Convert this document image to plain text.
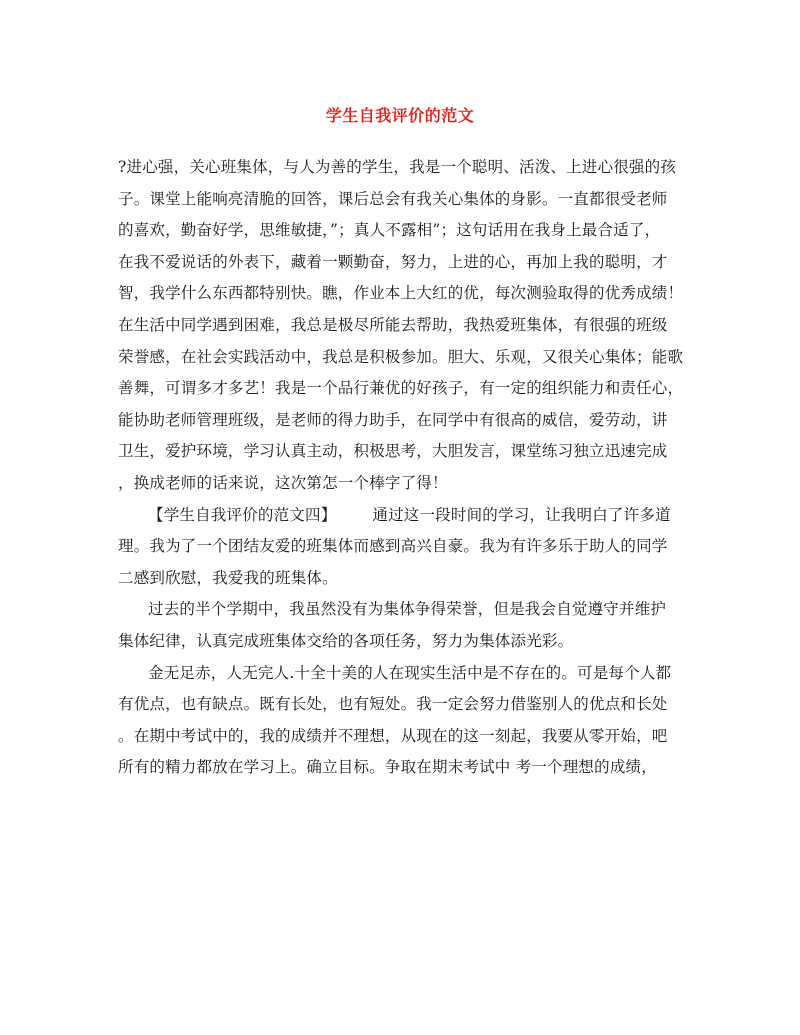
学生自我评价的范文
?进心强，关心班集体，与人为善的学生，我是一个聪明、活泼、上进心很强的孩
子。课堂上能响亮清脆的回答，课后总会有我关心集体的身影。一直都很受老师
的喜欢，勤奋好学，思维敏捷，”；真人不露相”；这句话用在我身上最合适了，
在我不爱说话的外表下，藏着一颗勤奋，努力，上进的心，再加上我的聪明，才
智，我学什么东西都特别快。瞧，作业本上大红的优，每次测验取得的优秀成绩！
在生活中同学遇到困难，我总是极尽所能去帮助，我热爱班集体，有很强的班级
荣誉感，在社会实践活动中，我总是积极参加。胆大、乐观，又很关心集体；能歌
善舞，可谓多才多艺！我是一个品行兼优的好孩子，有一定的组织能力和责任心，
能协助老师管理班级，是老师的得力助手，在同学中有很高的威信，爱劳动，讲
卫生，爱护环境，学习认真主动，积极思考，大胆发言，课堂练习独立迅速完成
，换成老师的话来说，这次第怎一个棒字了得！
【学生自我评价的范文四】 通过这一段时间的学习，让我明白了许多道
理。我为了一个团结友爱的班集体而感到高兴自豪。我为有许多乐于助人的同学
二感到欣慰，我爱我的班集体。
过去的半个学期中，我虽然没有为集体争得荣誉，但是我会自觉遵守并维护
集体纪律，认真完成班集体交给的各项任务，努力为集体添光彩。
金无足赤，人无完人.十全十美的人在现实生活中是不存在的。可是每个人都
有优点，也有缺点。既有长处，也有短处。我一定会努力借鉴别人的优点和长处
。在期中考试中的，我的成绩并不理想，从现在的这一刻起，我要从零开始，吧
所有的精力都放在学习上。确立目标。争取在期末考试中 考一个理想的成绩，
